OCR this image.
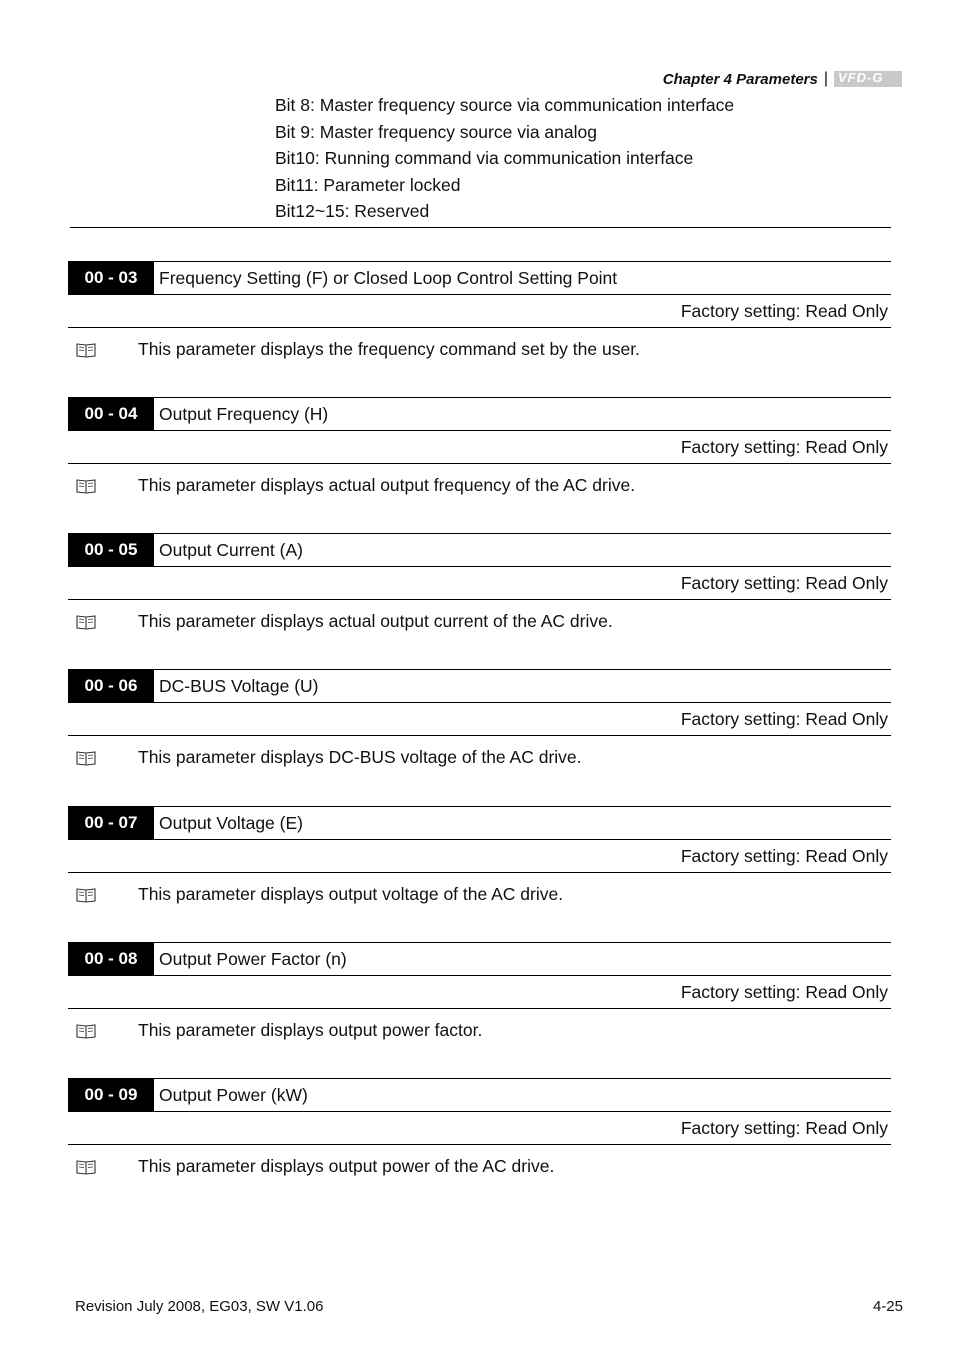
Chapter 4 Parameters | VFD-G
Bit 8: Master frequency source via communication interface
Bit 9: Master frequency source via analog
Bit10: Running command via communication interface
Bit11: Parameter locked
Bit12~15: Reserved
00 - 03	Frequency Setting (F) or Closed Loop Control Setting Point
Factory setting: Read Only
This parameter displays the frequency command set by the user.
00 - 04	Output Frequency (H)
Factory setting: Read Only
This parameter displays actual output frequency of the AC drive.
00 - 05	Output Current (A)
Factory setting: Read Only
This parameter displays actual output current of the AC drive.
00 - 06	DC-BUS Voltage (U)
Factory setting: Read Only
This parameter displays DC-BUS voltage of the AC drive.
00 - 07	Output Voltage (E)
Factory setting: Read Only
This parameter displays output voltage of the AC drive.
00 - 08	Output Power Factor (n)
Factory setting: Read Only
This parameter displays output power factor.
00 - 09	Output Power (kW)
Factory setting: Read Only
This parameter displays output power of the AC drive.
Revision July 2008, EG03, SW V1.06	4-25
